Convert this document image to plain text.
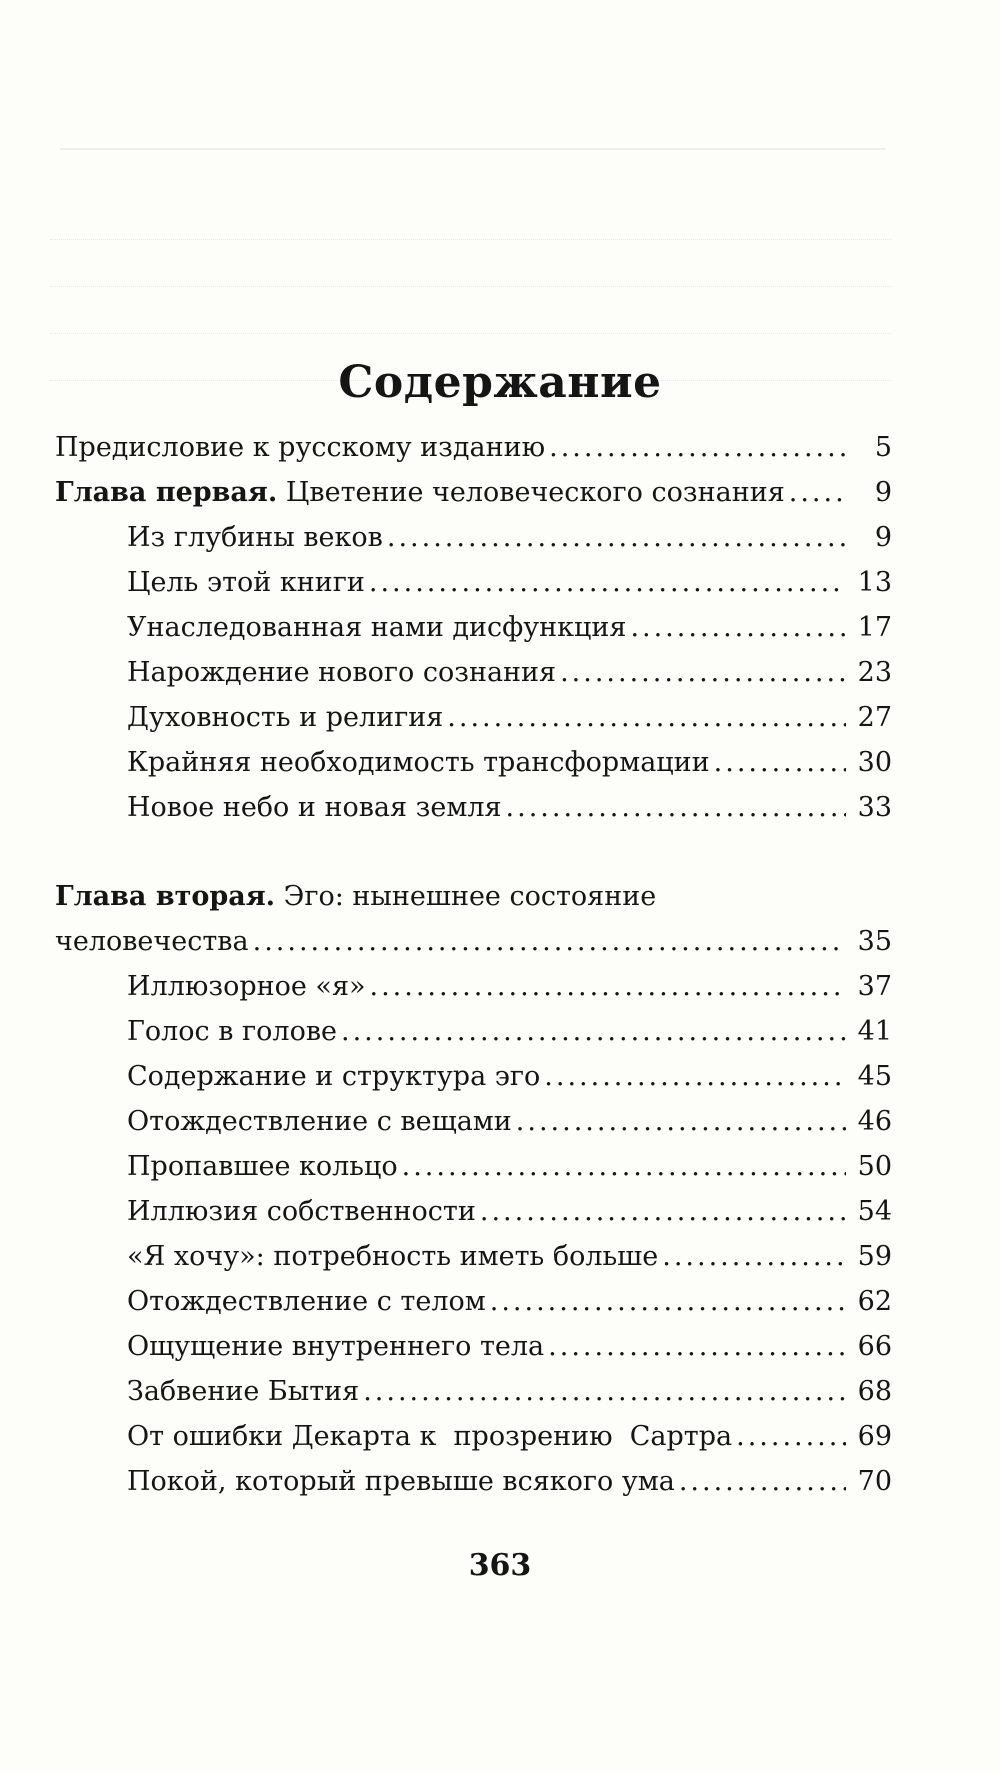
Содержание
Предисловие к русскому изданию .....	5
Глава первая. Цветение человеческого сознания .....	9
Из глубины веков .....	9
Цель этой книги .....	13
Унаследованная нами дисфункция .....	17
Нарождение нового сознания .....	23
Духовность и религия .....	27
Крайняя необходимость трансформации .....	30
Новое небо и новая земля .....	33
Глава вторая. Эго: нынешнее состояние
человечества .....	35
Иллюзорное «я» .....	37
Голос в голове .....	41
Содержание и структура эго .....	45
Отождествление с вещами .....	46
Пропавшее кольцо .....	50
Иллюзия собственности .....	54
«Я хочу»: потребность иметь больше .....	59
Отождествление с телом .....	62
Ощущение внутреннего тела .....	66
Забвение Бытия .....	68
От ошибки Декарта к  прозрению  Сартра .....	69
Покой, который превыше всякого ума .....	70
363
